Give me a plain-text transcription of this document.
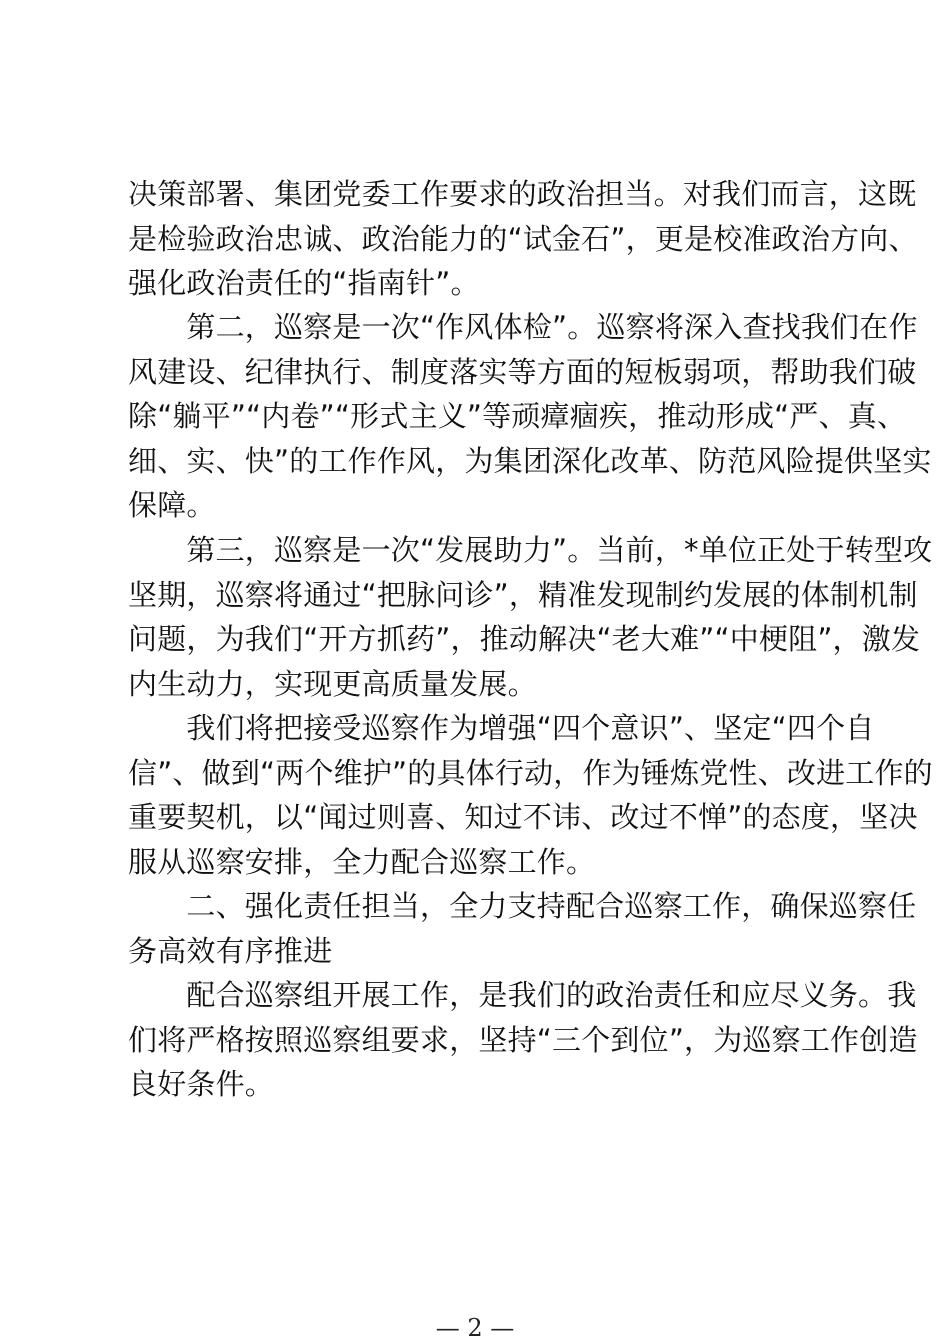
决策部署、集团党委工作要求的政治担当。对我们而言，这既
是检验政治忠诚、政治能力的“试金石”，更是校准政治方向、
强化政治责任的“指南针”。
　　第二，巡察是一次“作风体检”。巡察将深入查找我们在作
风建设、纪律执行、制度落实等方面的短板弱项，帮助我们破
除“躺平”“内卷”“形式主义”等顽瘴痼疾，推动形成“严、真、
细、实、快”的工作作风，为集团深化改革、防范风险提供坚实
保障。
　　第三，巡察是一次“发展助力”。当前，*单位正处于转型攻
坚期，巡察将通过“把脉问诊”，精准发现制约发展的体制机制
问题，为我们“开方抓药”，推动解决“老大难”“中梗阻”，激发
内生动力，实现更高质量发展。
　　我们将把接受巡察作为增强“四个意识”、坚定“四个自
信”、做到“两个维护”的具体行动，作为锤炼党性、改进工作的
重要契机，以“闻过则喜、知过不讳、改过不惮”的态度，坚决
服从巡察安排，全力配合巡察工作。
　　二、强化责任担当，全力支持配合巡察工作，确保巡察任
务高效有序推进
　　配合巡察组开展工作，是我们的政治责任和应尽义务。我
们将严格按照巡察组要求，坚持“三个到位”，为巡察工作创造
良好条件。
— 2 —
